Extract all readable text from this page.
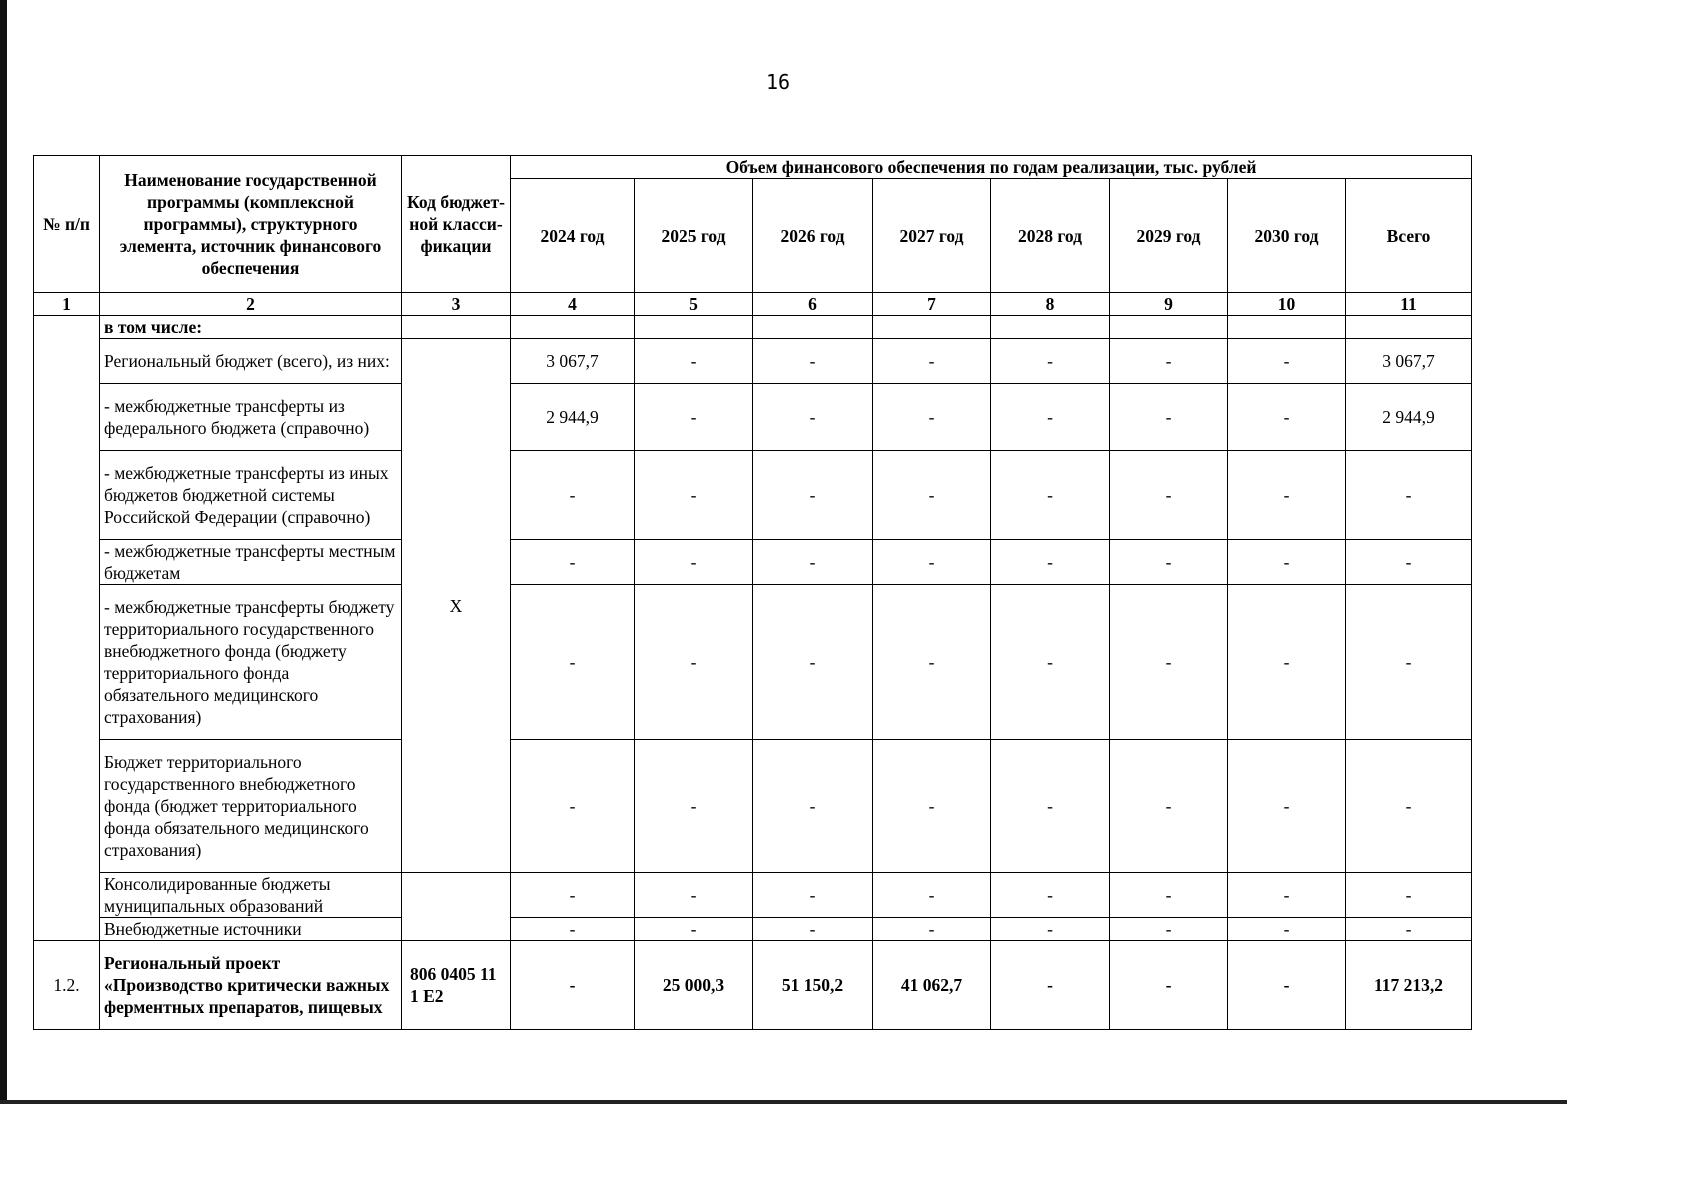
16
№ п/п	Наименование государственной программы (комплексной программы), структурного элемента, источник финансового обеспечения	Код бюджет-ной класси-фикации	Объем финансового обеспечения по годам реализации, тыс. рублей							
			2024 год	2025 год	2026 год	2027 год	2028 год	2029 год	2030 год	Всего
1	2	3	4	5	6	7	8	9	10	11
	в том числе:									
	Региональный бюджет (всего), из них:	Х	3 067,7	-	-	-	-	-	-	3 067,7
	- межбюджетные трансферты из федерального бюджета (справочно)		2 944,9	-	-	-	-	-	-	2 944,9
	- межбюджетные трансферты из иных бюджетов бюджетной системы Российской Федерации (справочно)		-	-	-	-	-	-	-	-
	- межбюджетные трансферты местным бюджетам		-	-	-	-	-	-	-	-
	- межбюджетные трансферты бюджету территориального государственного внебюджетного фонда (бюджету территориального фонда обязательного медицинского страхования)		-	-	-	-	-	-	-	-
	Бюджет территориального государственного внебюджетного фонда (бюджет территориального фонда обязательного медицинского страхования)		-	-	-	-	-	-	-	-
	Консолидированные бюджеты муниципальных образований		-	-	-	-	-	-	-	-
	Внебюджетные источники		-	-	-	-	-	-	-	-
1.2.	Региональный проект «Производство критически важных ферментных препаратов, пищевых	806 0405 11 1 E2	-	25 000,3	51 150,2	41 062,7	-	-	-	117 213,2
